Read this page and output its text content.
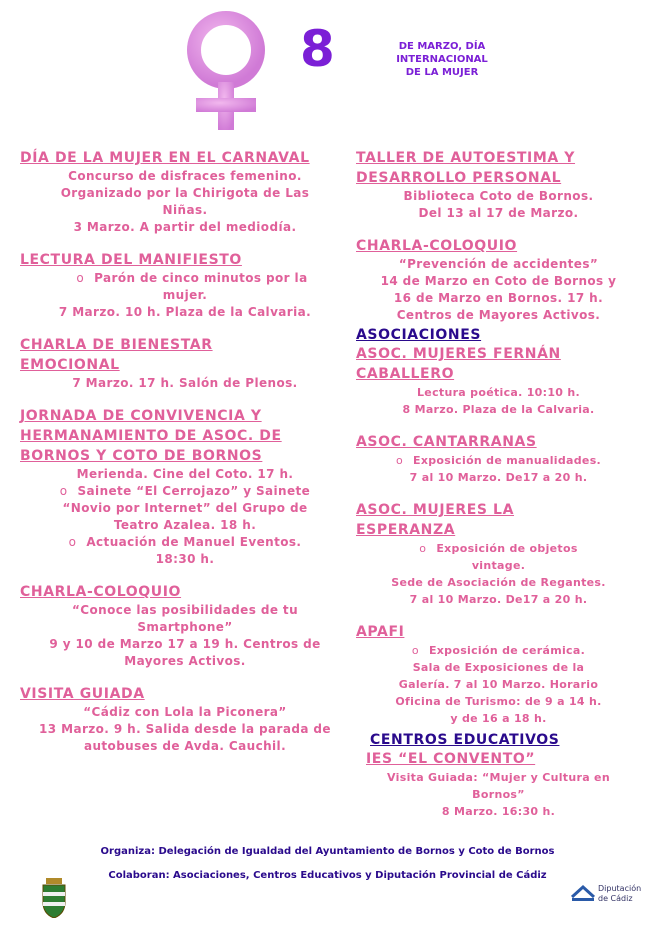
8	DE MARZO, DÍA
INTERNACIONAL
DE LA MUJER
DÍA DE LA MUJER EN EL CARNAVAL
Concurso de disfraces femenino.
Organizado por la Chirigota de Las
Niñas.
3 Marzo. A partir del mediodía.
LECTURA DEL MANIFIESTO
o Parón de cinco minutos por la
mujer.
7 Marzo. 10 h. Plaza de la Calvaria.
CHARLA DE BIENESTAR
EMOCIONAL
7 Marzo. 17 h. Salón de Plenos.
JORNADA DE CONVIVENCIA Y
HERMANAMIENTO DE ASOC. DE
BORNOS Y COTO DE BORNOS
Merienda. Cine del Coto. 17 h.
o Sainete “El Cerrojazo” y Sainete
“Novio por Internet” del Grupo de
Teatro Azalea. 18 h.
o Actuación de Manuel Eventos.
18:30 h.
CHARLA-COLOQUIO
“Conoce las posibilidades de tu
Smartphone”
9 y 10 de Marzo 17 a 19 h. Centros de
Mayores Activos.
VISITA GUIADA
“Cádiz con Lola la Piconera”
13 Marzo. 9 h. Salida desde la parada de
autobuses de Avda. Cauchil.
TALLER DE AUTOESTIMA Y
DESARROLLO PERSONAL
Biblioteca Coto de Bornos.
Del 13 al 17 de Marzo.
CHARLA-COLOQUIO
“Prevención de accidentes”
14 de Marzo en Coto de Bornos y
16 de Marzo en Bornos. 17 h.
Centros de Mayores Activos.
ASOCIACIONES
ASOC. MUJERES FERNÁN
CABALLERO
Lectura poética. 10:10 h.
8 Marzo. Plaza de la Calvaria.
ASOC. CANTARRANAS
o Exposición de manualidades.
7 al 10 Marzo. De17 a 20 h.
ASOC. MUJERES LA
ESPERANZA
o Exposición de objetos
vintage.
Sede de Asociación de Regantes.
7 al 10 Marzo. De17 a 20 h.
APAFI
o Exposición de cerámica.
Sala de Exposiciones de la
Galería. 7 al 10 Marzo. Horario
Oficina de Turismo: de 9 a 14 h.
y de 16 a 18 h.
CENTROS EDUCATIVOS
IES “EL CONVENTO”
Visita Guiada: “Mujer y Cultura en
Bornos”
8 Marzo. 16:30 h.
Organiza: Delegación de Igualdad del Ayuntamiento de Bornos y Coto de Bornos
Colaboran: Asociaciones, Centros Educativos y Diputación Provincial de Cádiz
Diputación
de Cádiz
